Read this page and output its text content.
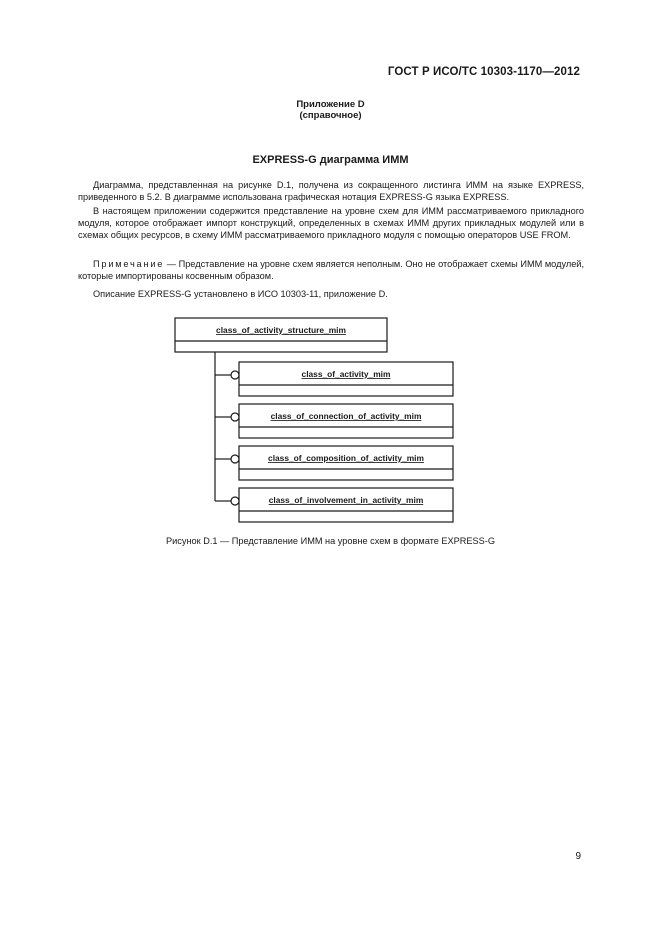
ГОСТ Р ИСО/ТС 10303-1170—2012
Приложение D
(справочное)
EXPRESS-G диаграмма ИММ
Диаграмма, представленная на рисунке D.1, получена из сокращенного листинга ИММ на языке EXPRESS, приведенного в 5.2. В диаграмме использована графическая нотация EXPRESS-G языка EXPRESS.
В настоящем приложении содержится представление на уровне схем для ИММ рассматриваемого прикладного модуля, которое отображает импорт конструкций, определенных в схемах ИММ других прикладных модулей или в схемах общих ресурсов, в схему ИММ рассматриваемого прикладного модуля с помощью операторов USE FROM.
Примечание — Представление на уровне схем является неполным. Оно не отображает схемы ИММ модулей, которые импортированы косвенным образом.
Описание EXPRESS-G установлено в ИСО 10303-11, приложение D.
class_of_activity_structure_mim
class_of_activity_mim
class_of_connection_of_activity_mim
class_of_composition_of_activity_mim
class_of_involvement_in_activity_mim
Рисунок D.1 — Представление ИММ на уровне схем в формате EXPRESS-G
9
